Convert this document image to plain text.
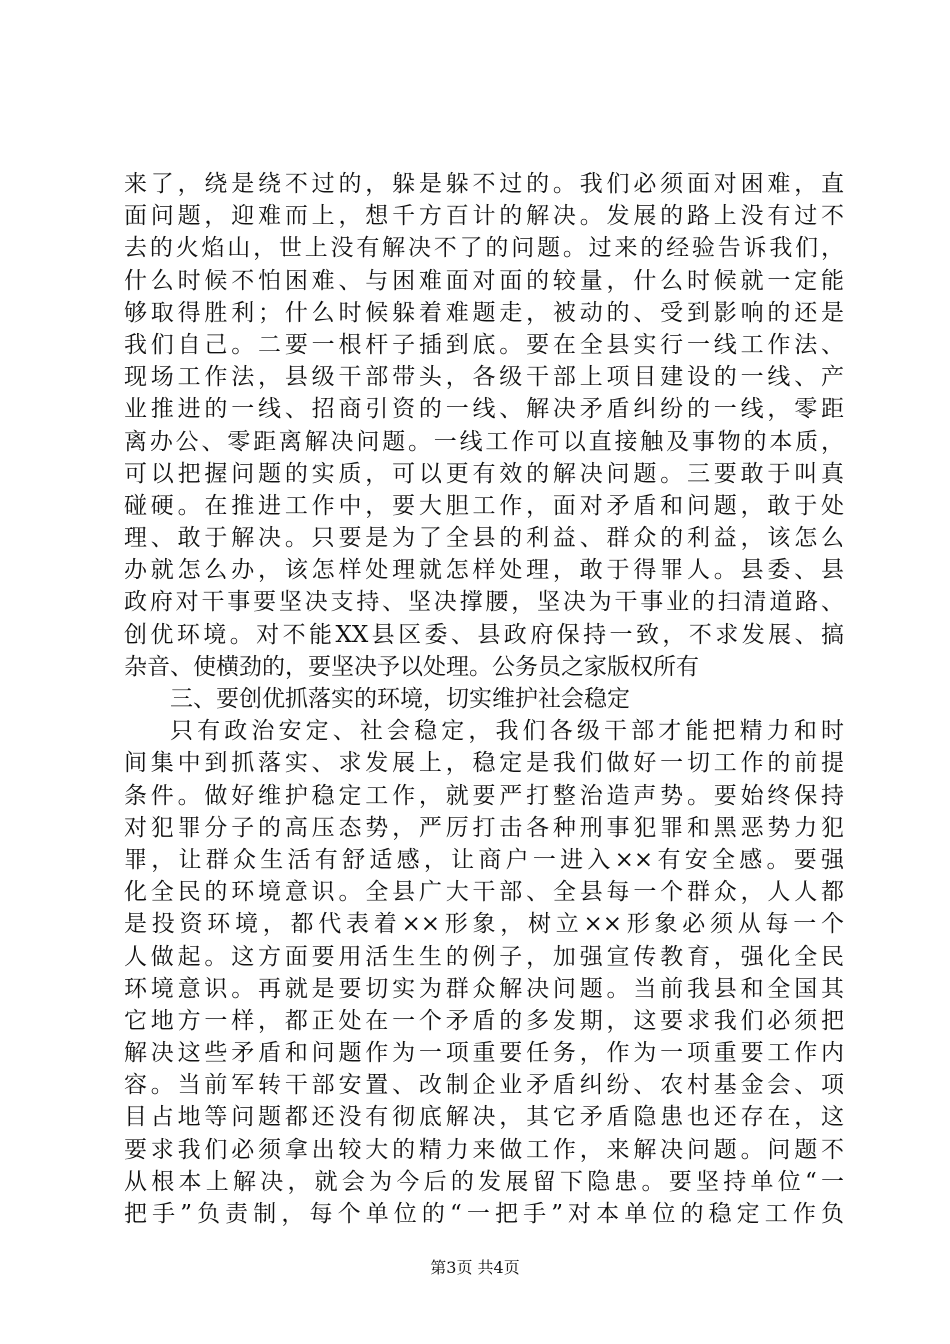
来了，绕是绕不过的，躲是躲不过的。我们必须面对困难，直
面问题，迎难而上，想千方百计的解决。发展的路上没有过不
去的火焰山，世上没有解决不了的问题。过来的经验告诉我们，
什么时候不怕困难、与困难面对面的较量，什么时候就一定能
够取得胜利；什么时候躲着难题走，被动的、受到影响的还是
我们自己。二要一根杆子插到底。要在全县实行一线工作法、
现场工作法，县级干部带头，各级干部上项目建设的一线、产
业推进的一线、招商引资的一线、解决矛盾纠纷的一线，零距
离办公、零距离解决问题。一线工作可以直接触及事物的本质，
可以把握问题的实质，可以更有效的解决问题。三要敢于叫真
碰硬。在推进工作中，要大胆工作，面对矛盾和问题，敢于处
理、敢于解决。只要是为了全县的利益、群众的利益，该怎么
办就怎么办，该怎样处理就怎样处理，敢于得罪人。县委、县
政府对干事要坚决支持、坚决撑腰，坚决为干事业的扫清道路、
创优环境。对不能XX县区委、县政府保持一致，不求发展、搞
杂音、使横劲的，要坚决予以处理。公务员之家版权所有
三、要创优抓落实的环境，切实维护社会稳定
只有政治安定、社会稳定，我们各级干部才能把精力和时
间集中到抓落实、求发展上，稳定是我们做好一切工作的前提
条件。做好维护稳定工作，就要严打整治造声势。要始终保持
对犯罪分子的高压态势，严厉打击各种刑事犯罪和黑恶势力犯
罪，让群众生活有舒适感，让商户一进入××有安全感。要强
化全民的环境意识。全县广大干部、全县每一个群众，人人都
是投资环境，都代表着××形象，树立××形象必须从每一个
人做起。这方面要用活生生的例子，加强宣传教育，强化全民
环境意识。再就是要切实为群众解决问题。当前我县和全国其
它地方一样，都正处在一个矛盾的多发期，这要求我们必须把
解决这些矛盾和问题作为一项重要任务，作为一项重要工作内
容。当前军转干部安置、改制企业矛盾纠纷、农村基金会、项
目占地等问题都还没有彻底解决，其它矛盾隐患也还存在，这
要求我们必须拿出较大的精力来做工作，来解决问题。问题不
从根本上解决，就会为今后的发展留下隐患。要坚持单位“一
把手”负责制，每个单位的“一把手”对本单位的稳定工作负
第3页 共4页
